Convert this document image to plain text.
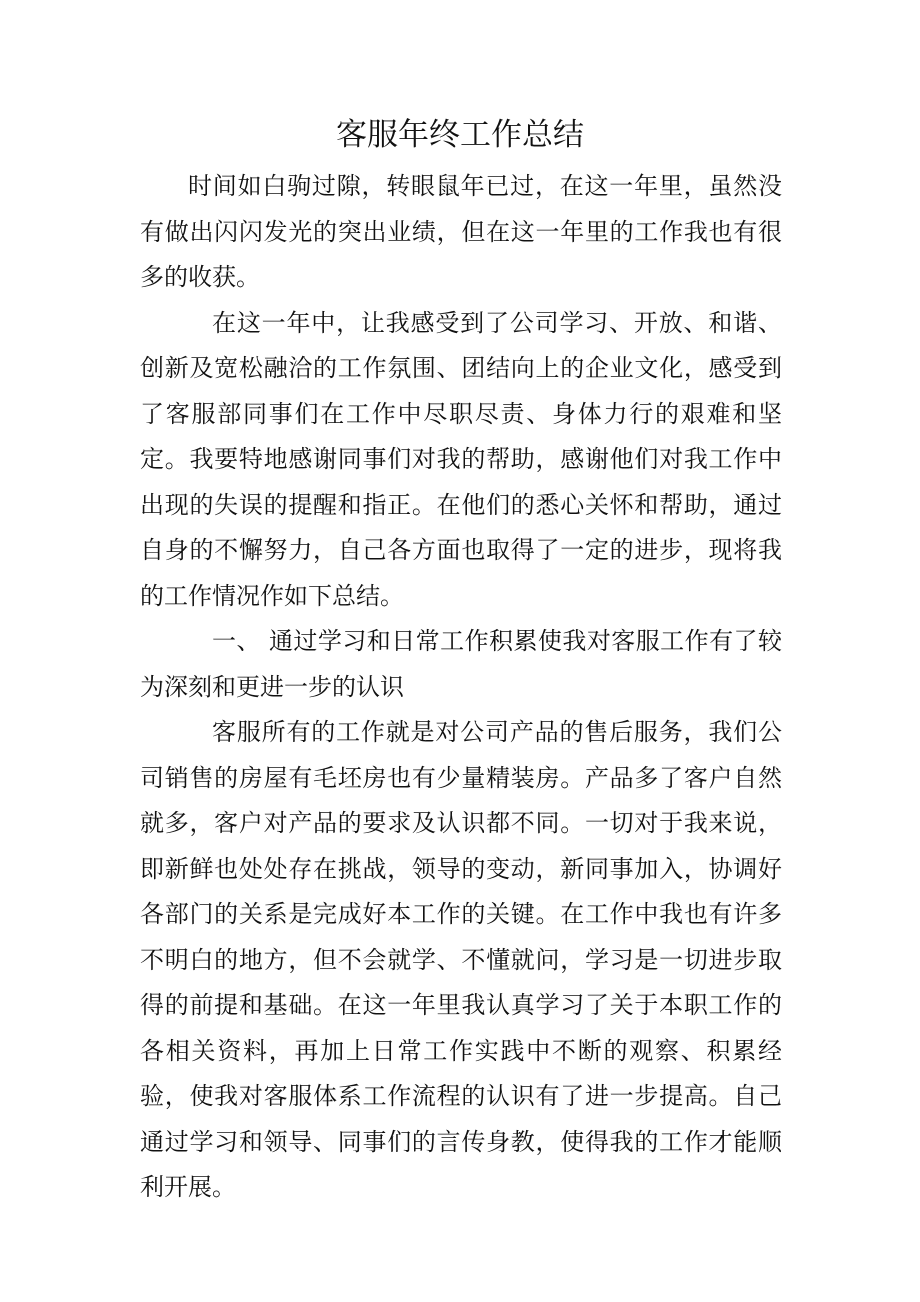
客服年终工作总结

时间如白驹过隙，转眼鼠年已过，在这一年里，虽然没有做出闪闪发光的突出业绩，但在这一年里的工作我也有很多的收获。

在这一年中，让我感受到了公司学习、开放、和谐、创新及宽松融洽的工作氛围、团结向上的企业文化，感受到了客服部同事们在工作中尽职尽责、身体力行的艰难和坚定。我要特地感谢同事们对我的帮助，感谢他们对我工作中出现的失误的提醒和指正。在他们的悉心关怀和帮助，通过自身的不懈努力，自己各方面也取得了一定的进步，现将我的工作情况作如下总结。

一、 通过学习和日常工作积累使我对客服工作有了较为深刻和更进一步的认识

客服所有的工作就是对公司产品的售后服务，我们公司销售的房屋有毛坯房也有少量精装房。产品多了客户自然就多，客户对产品的要求及认识都不同。一切对于我来说，即新鲜也处处存在挑战，领导的变动，新同事加入，协调好各部门的关系是完成好本工作的关键。在工作中我也有许多不明白的地方，但不会就学、不懂就问，学习是一切进步取得的前提和基础。在这一年里我认真学习了关于本职工作的各相关资料，再加上日常工作实践中不断的观察、积累经验，使我对客服体系工作流程的认识有了进一步提高。自己通过学习和领导、同事们的言传身教，使得我的工作才能顺利开展。
